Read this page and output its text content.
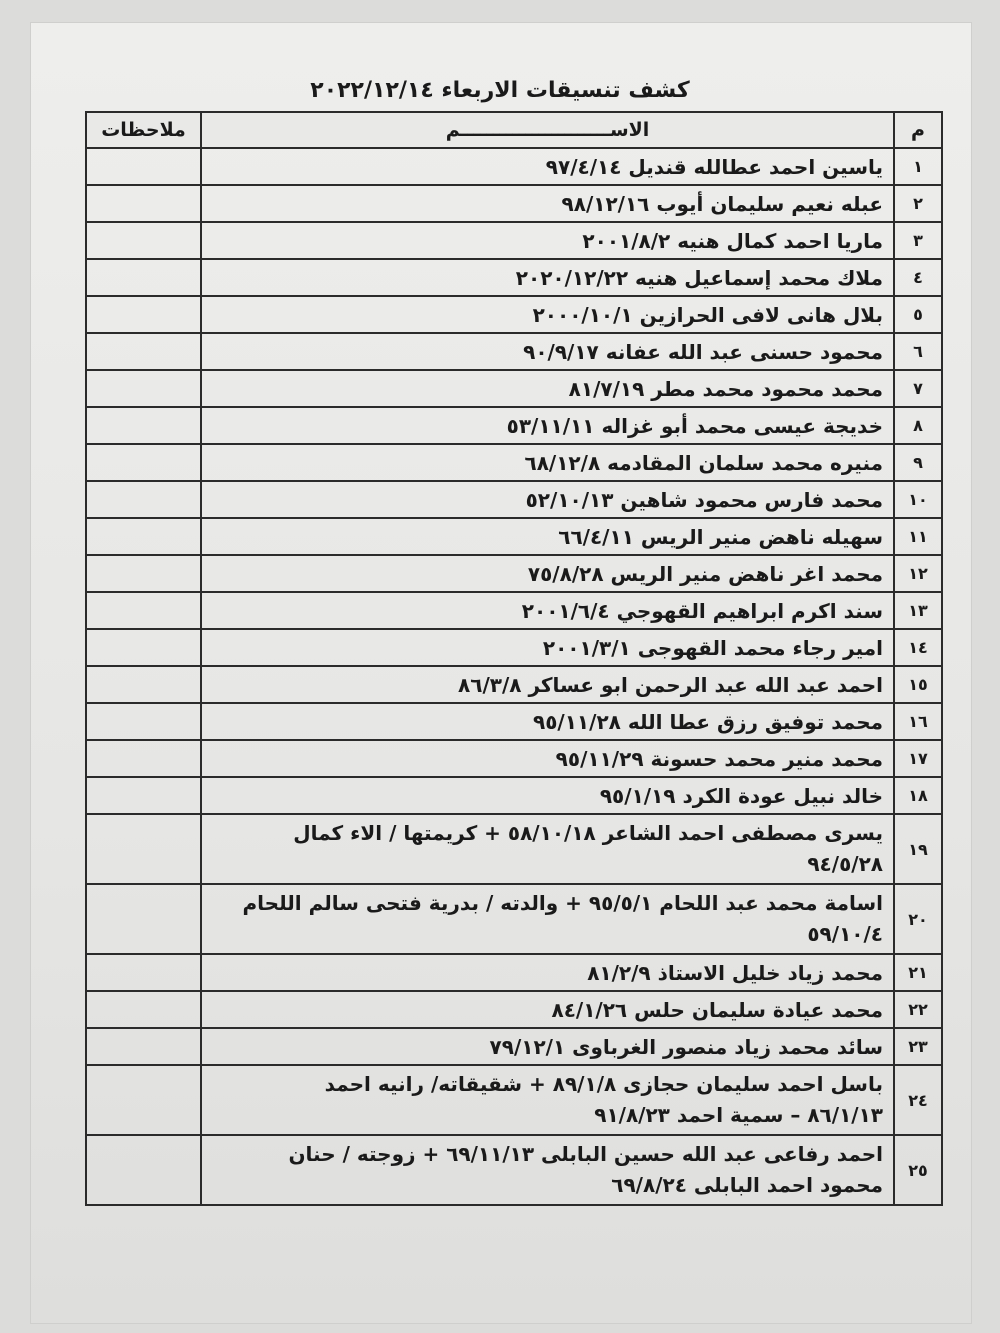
كشف تنسيقات الاربعاء ٢٠٢٢/١٢/١٤
م	الاســـــــــــــــــــــــم	ملاحظات
١	ياسين احمد عطالله قنديل ٩٧/٤/١٤	

٢	عبله نعيم سليمان أيوب ٩٨/١٢/١٦	

٣	ماريا احمد كمال هنيه ٢٠٠١/٨/٢	

٤	ملاك محمد إسماعيل هنيه ٢٠٢٠/١٢/٢٢	

٥	بلال هانى لافى الحرازين ٢٠٠٠/١٠/١	

٦	محمود حسنى عبد الله عفانه ٩٠/٩/١٧	

٧	محمد محمود محمد مطر ٨١/٧/١٩	

٨	خديجة عيسى محمد أبو غزاله ٥٣/١١/١١	

٩	منيره محمد سلمان المقادمه ٦٨/١٢/٨	

١٠	محمد فارس محمود شاهين ٥٢/١٠/١٣	

١١	سهيله ناهض منير الريس ٦٦/٤/١١	

١٢	محمد اغر ناهض منير الريس ٧٥/٨/٢٨	

١٣	سند اكرم ابراهيم القهوجي ٢٠٠١/٦/٤	

١٤	امير رجاء محمد القهوجى ٢٠٠١/٣/١	

١٥	احمد عبد الله عبد الرحمن ابو عساكر ٨٦/٣/٨	

١٦	محمد توفيق رزق عطا الله ٩٥/١١/٢٨	

١٧	محمد منير محمد حسونة ٩٥/١١/٢٩	

١٨	خالد نبيل عودة الكرد ٩٥/١/١٩	

١٩	يسرى مصطفى احمد الشاعر ٥٨/١٠/١٨ + كريمتها / الاء كمال
٩٤/٥/٢٨	

٢٠	اسامة محمد عبد اللحام ٩٥/٥/١ + والدته / بدرية فتحى سالم اللحام
٥٩/١٠/٤	

٢١	محمد زياد خليل الاستاذ ٨١/٢/٩	

٢٢	محمد عيادة سليمان حلس ٨٤/١/٢٦	

٢٣	سائد محمد زياد منصور الغرباوى ٧٩/١٢/١	

٢٤	باسل احمد سليمان حجازى ٨٩/١/٨ + شقيقاته/ رانيه احمد
٨٦/١/١٣ – سمية احمد ٩١/٨/٢٣	

٢٥	احمد رفاعى عبد الله حسين البابلى ٦٩/١١/١٣ + زوجته / حنان
محمود احمد البابلى ٦٩/٨/٢٤	
